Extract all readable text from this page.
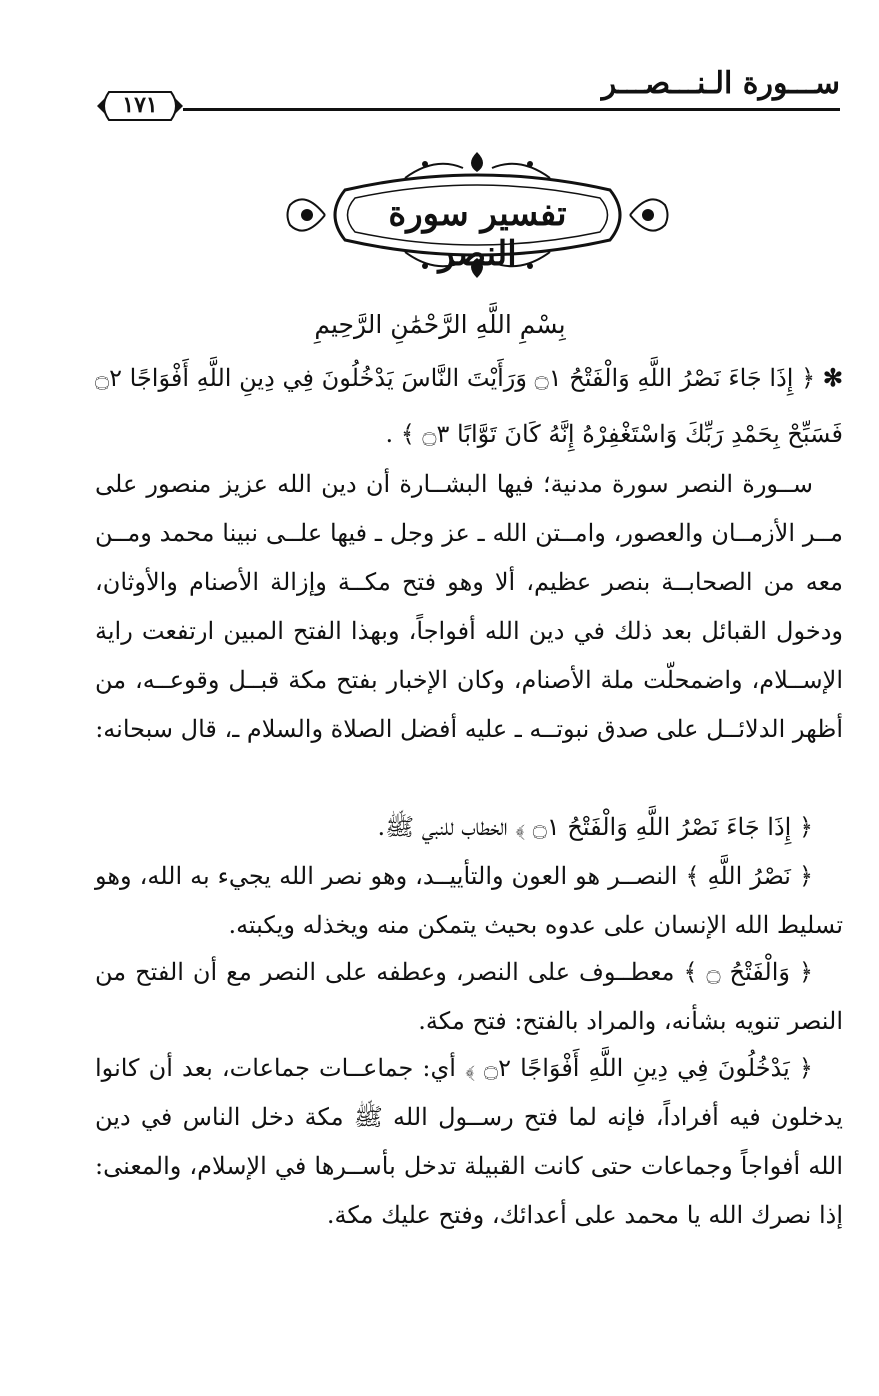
ســـورة الـنـــصـــر
١٧١
تفسير سورة النصر
بِسْمِ اللَّهِ الرَّحْمَٰنِ الرَّحِيمِ
✻ ﴿ إِذَا جَاءَ نَصْرُ اللَّهِ وَالْفَتْحُ ۝١ وَرَأَيْتَ النَّاسَ يَدْخُلُونَ فِي دِينِ اللَّهِ أَفْوَاجًا ۝٢ فَسَبِّحْ بِحَمْدِ رَبِّكَ وَاسْتَغْفِرْهُ إِنَّهُ كَانَ تَوَّابًا ۝٣ ﴾ .
ســورة النصر سورة مدنية؛ فيها البشــارة أن دين الله عزيز منصور على مــر الأزمــان والعصور، وامــتن الله ـ عز وجل ـ فيها علــى نبينا محمد ومــن معه من الصحابــة بنصر عظيم، ألا وهو فتح مكــة وإزالة الأصنام والأوثان، ودخول القبائل بعد ذلك في دين الله أفواجاً، وبهذا الفتح المبين ارتفعت راية الإســلام، واضمحلّت ملة الأصنام، وكان الإخبار بفتح مكة قبــل وقوعــه، من أظهر الدلائــل على صدق نبوتــه ـ عليه أفضل الصلاة والسلام ـ، قال سبحانه:
﴿ إِذَا جَاءَ نَصْرُ اللَّهِ وَالْفَتْحُ ۝١ ﴾ الخطاب للنبي ﷺ.
﴿ نَصْرُ اللَّهِ ﴾ النصــر هو العون والتأييــد، وهو نصر الله يجيء به الله، وهو تسليط الله الإنسان على عدوه بحيث يتمكن منه ويخذله ويكبته.
﴿ وَالْفَتْحُ ۝ ﴾ معطــوف على النصر، وعطفه على النصر مع أن الفتح من النصر تنويه بشأنه، والمراد بالفتح: فتح مكة.
﴿ يَدْخُلُونَ فِي دِينِ اللَّهِ أَفْوَاجًا ۝٢ ﴾ أي: جماعــات جماعات، بعد أن كانوا يدخلون فيه أفراداً، فإنه لما فتح رســول الله ﷺ مكة دخل الناس في دين الله أفواجاً وجماعات حتى كانت القبيلة تدخل بأســرها في الإسلام، والمعنى: إذا نصرك الله يا محمد على أعدائك، وفتح عليك مكة.
